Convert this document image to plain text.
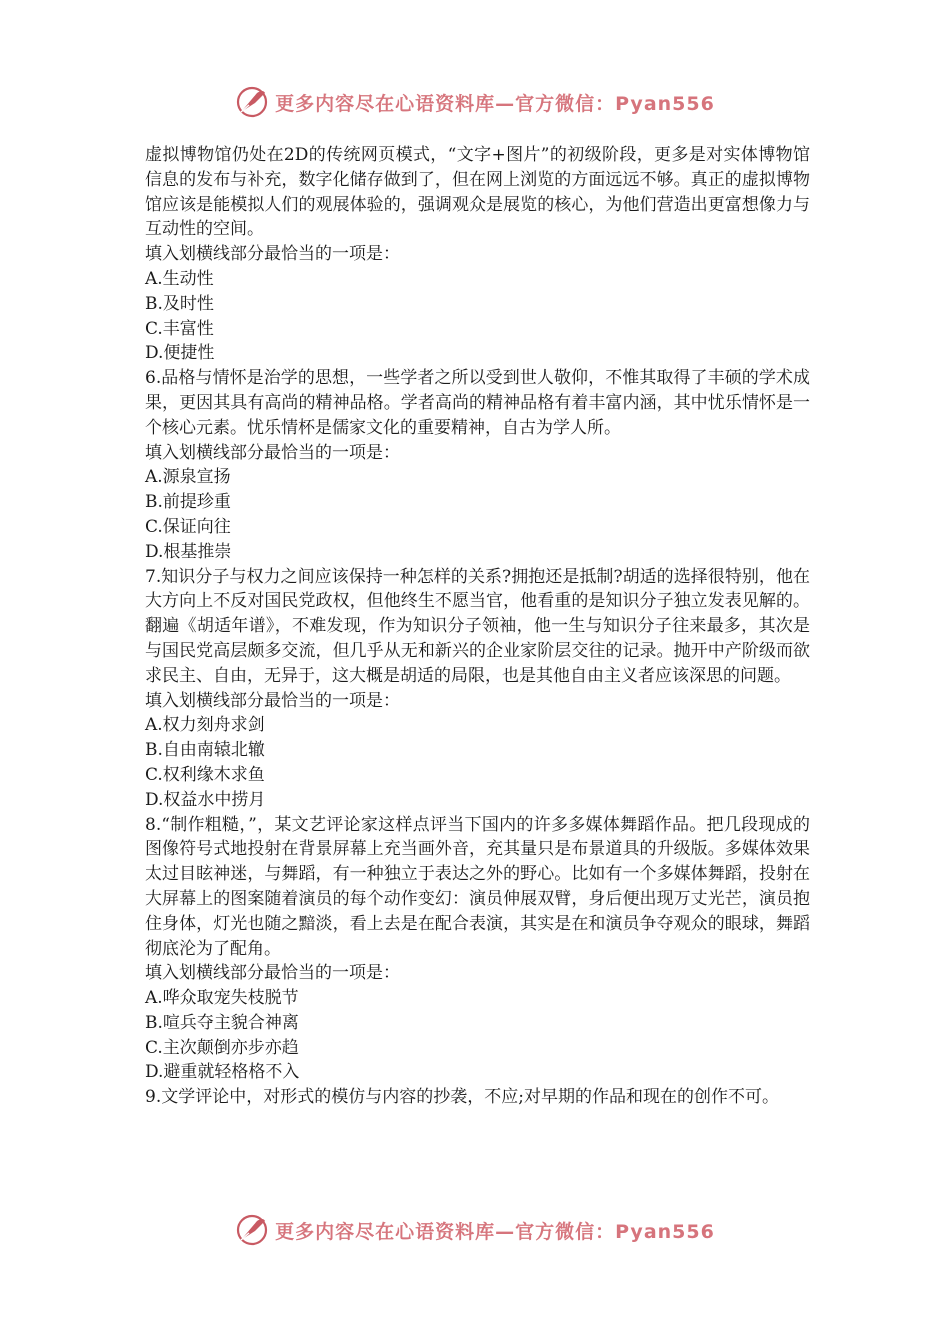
更多内容尽在心语资料库—官方微信：Pyan556

虚拟博物馆仍处在2D的传统网页模式，“文字+图片”的初级阶段，更多是对实体博物馆信息的发布与补充，数字化储存做到了，但在网上浏览的方面远远不够。真正的虚拟博物馆应该是能模拟人们的观展体验的，强调观众是展览的核心，为他们营造出更富想像力与互动性的空间。

填入划横线部分最恰当的一项是：

A.生动性

B.及时性

C.丰富性

D.便捷性

6.品格与情怀是治学的思想，一些学者之所以受到世人敬仰，不惟其取得了丰硕的学术成果，更因其具有高尚的精神品格。学者高尚的精神品格有着丰富内涵，其中忧乐情怀是一个核心元素。忧乐情杯是儒家文化的重要精神，自古为学人所。

填入划横线部分最恰当的一项是：

A.源泉宣扬

B.前提珍重

C.保证向往

D.根基推崇

7.知识分子与权力之间应该保持一种怎样的关系?拥抱还是抵制?胡适的选择很特别，他在大方向上不反对国民党政权，但他终生不愿当官，他看重的是知识分子独立发表见解的。翻遍《胡适年谱》，不难发现，作为知识分子领袖，他一生与知识分子往来最多，其次是与国民党高层颇多交流，但几乎从无和新兴的企业家阶层交往的记录。抛开中产阶级而欲求民主、自由，无异于，这大概是胡适的局限，也是其他自由主义者应该深思的问题。

填入划横线部分最恰当的一项是：

A.权力刻舟求剑

B.自由南辕北辙

C.权利缘木求鱼

D.权益水中捞月

8.“制作粗糙，”，某文艺评论家这样点评当下国内的许多多媒体舞蹈作品。把几段现成的图像符号式地投射在背景屏幕上充当画外音，充其量只是布景道具的升级版。多媒体效果太过目眩神迷，与舞蹈，有一种独立于表达之外的野心。比如有一个多媒体舞蹈，投射在大屏幕上的图案随着演员的每个动作变幻：演员伸展双臂，身后便出现万丈光芒，演员抱住身体，灯光也随之黯淡，看上去是在配合表演，其实是在和演员争夺观众的眼球，舞蹈彻底沦为了配角。

填入划横线部分最恰当的一项是：

A.哗众取宠失枝脱节

B.喧兵夺主貌合神离

C.主次颠倒亦步亦趋

D.避重就轻格格不入

9.文学评论中，对形式的模仿与内容的抄袭，不应;对早期的作品和现在的创作不可。

更多内容尽在心语资料库—官方微信：Pyan556
